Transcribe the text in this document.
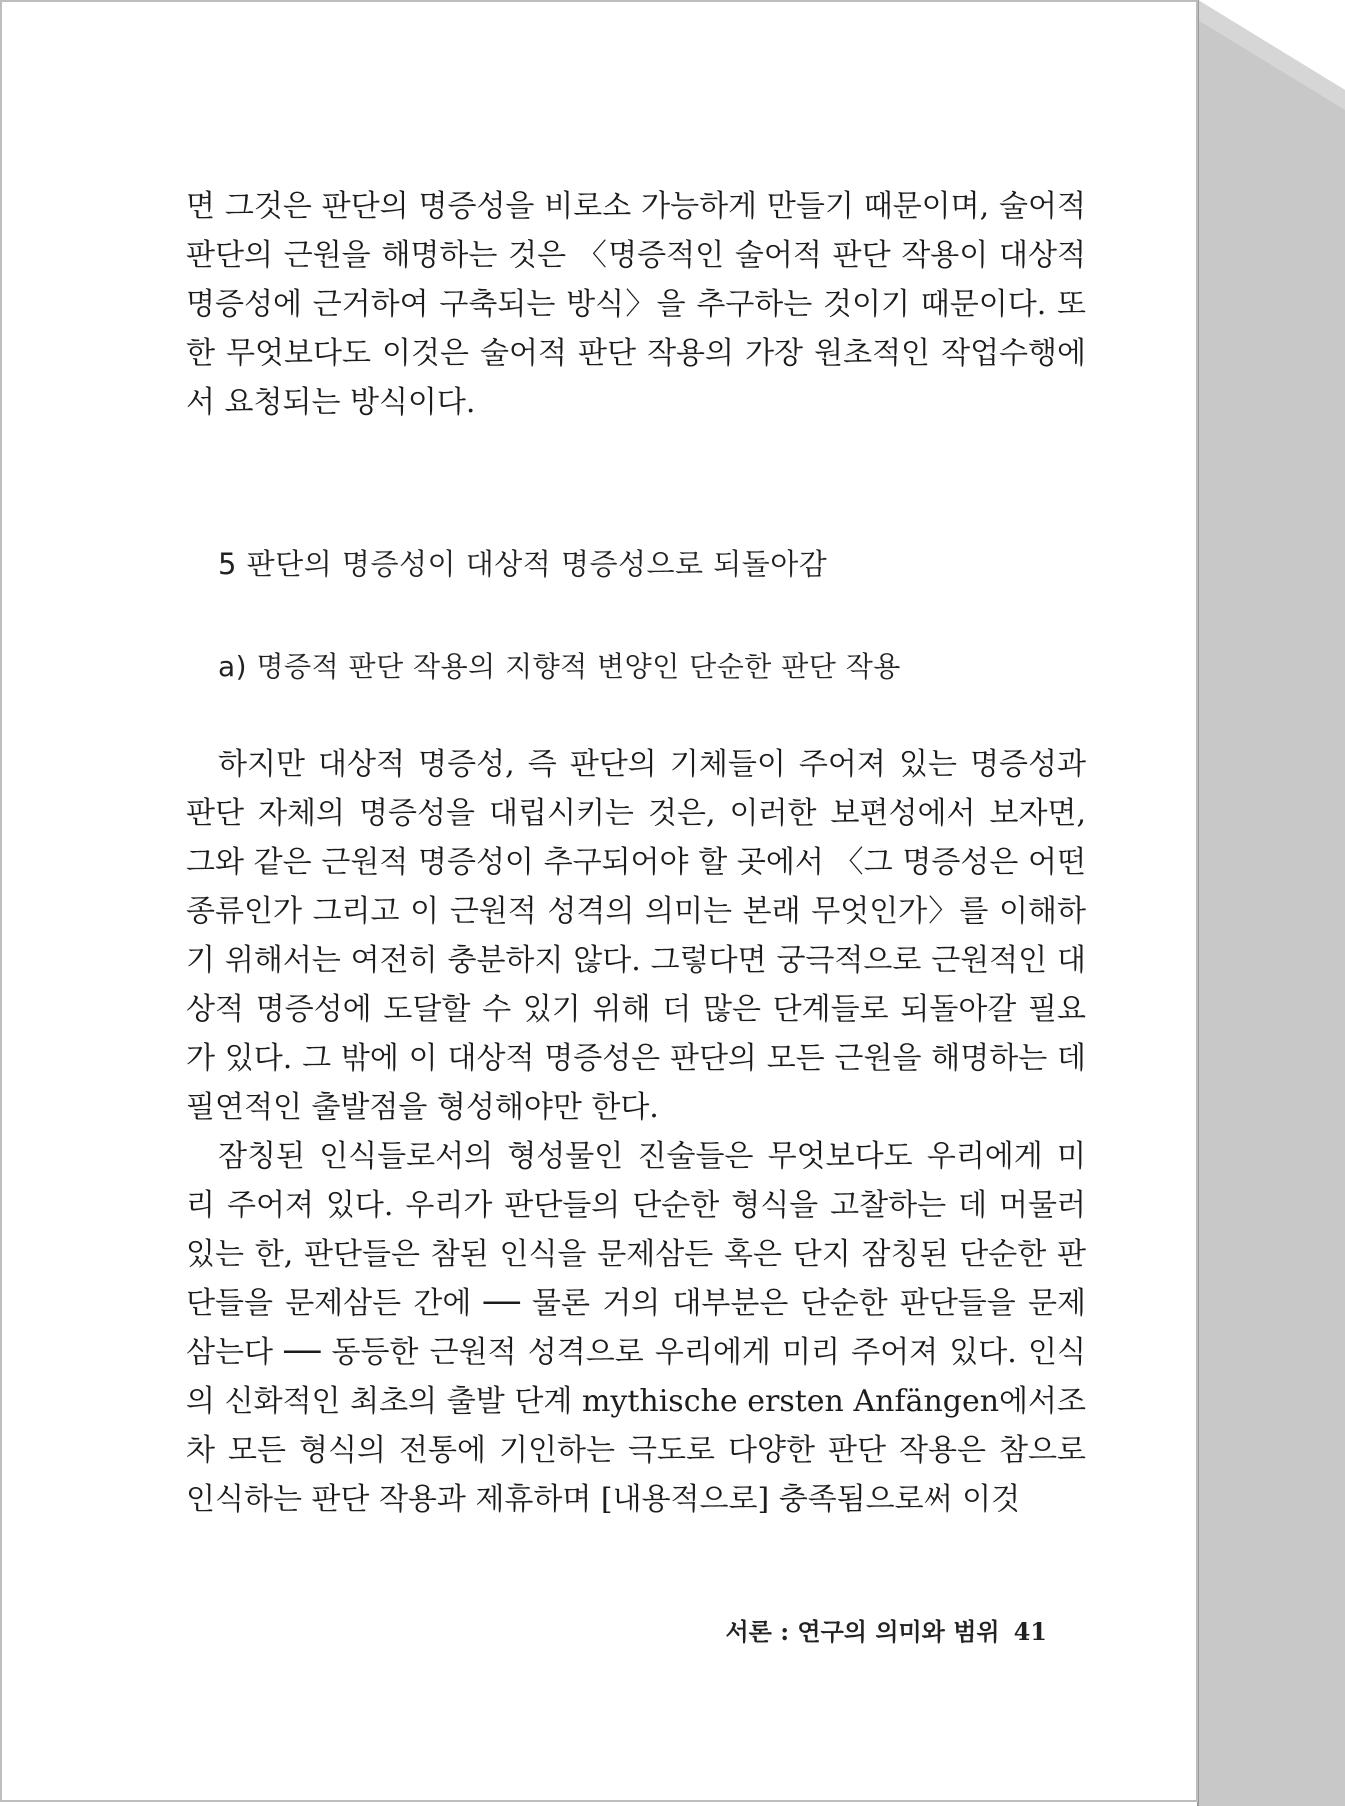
면 그것은 판단의 명증성을 비로소 가능하게 만들기 때문이며, 술어적 판단의 근원을 해명하는 것은 〈명증적인 술어적 판단 작용이 대상적 명증성에 근거하여 구축되는 방식〉을 추구하는 것이기 때문이다. 또한 무엇보다도 이것은 술어적 판단 작용의 가장 원초적인 작업수행에서 요청되는 방식이다.

5 판단의 명증성이 대상적 명증성으로 되돌아감
a) 명증적 판단 작용의 지향적 변양인 단순한 판단 작용

하지만 대상적 명증성, 즉 판단의 기체들이 주어져 있는 명증성과 판단 자체의 명증성을 대립시키는 것은, 이러한 보편성에서 보자면, 그와 같은 근원적 명증성이 추구되어야 할 곳에서 〈그 명증성은 어떤 종류인가 그리고 이 근원적 성격의 의미는 본래 무엇인가〉를 이해하기 위해서는 여전히 충분하지 않다. 그렇다면 궁극적으로 근원적인 대상적 명증성에 도달할 수 있기 위해 더 많은 단계들로 되돌아갈 필요가 있다. 그 밖에 이 대상적 명증성은 판단의 모든 근원을 해명하는 데 필연적인 출발점을 형성해야만 한다.

잠칭된 인식들로서의 형성물인 진술들은 무엇보다도 우리에게 미리 주어져 있다. 우리가 판단들의 단순한 형식을 고찰하는 데 머물러 있는 한, 판단들은 참된 인식을 문제삼든 혹은 단지 잠칭된 단순한 판단들을 문제삼든 간에 ── 물론 거의 대부분은 단순한 판단들을 문제삼는다 ── 동등한 근원적 성격으로 우리에게 미리 주어져 있다. 인식의 신화적인 최초의 출발 단계 mythische ersten Anfängen에서조차 모든 형식의 전통에 기인하는 극도로 다양한 판단 작용은 참으로 인식하는 판단 작용과 제휴하며 [내용적으로] 충족됨으로써 이것

서론 : 연구의 의미와 범위 41
